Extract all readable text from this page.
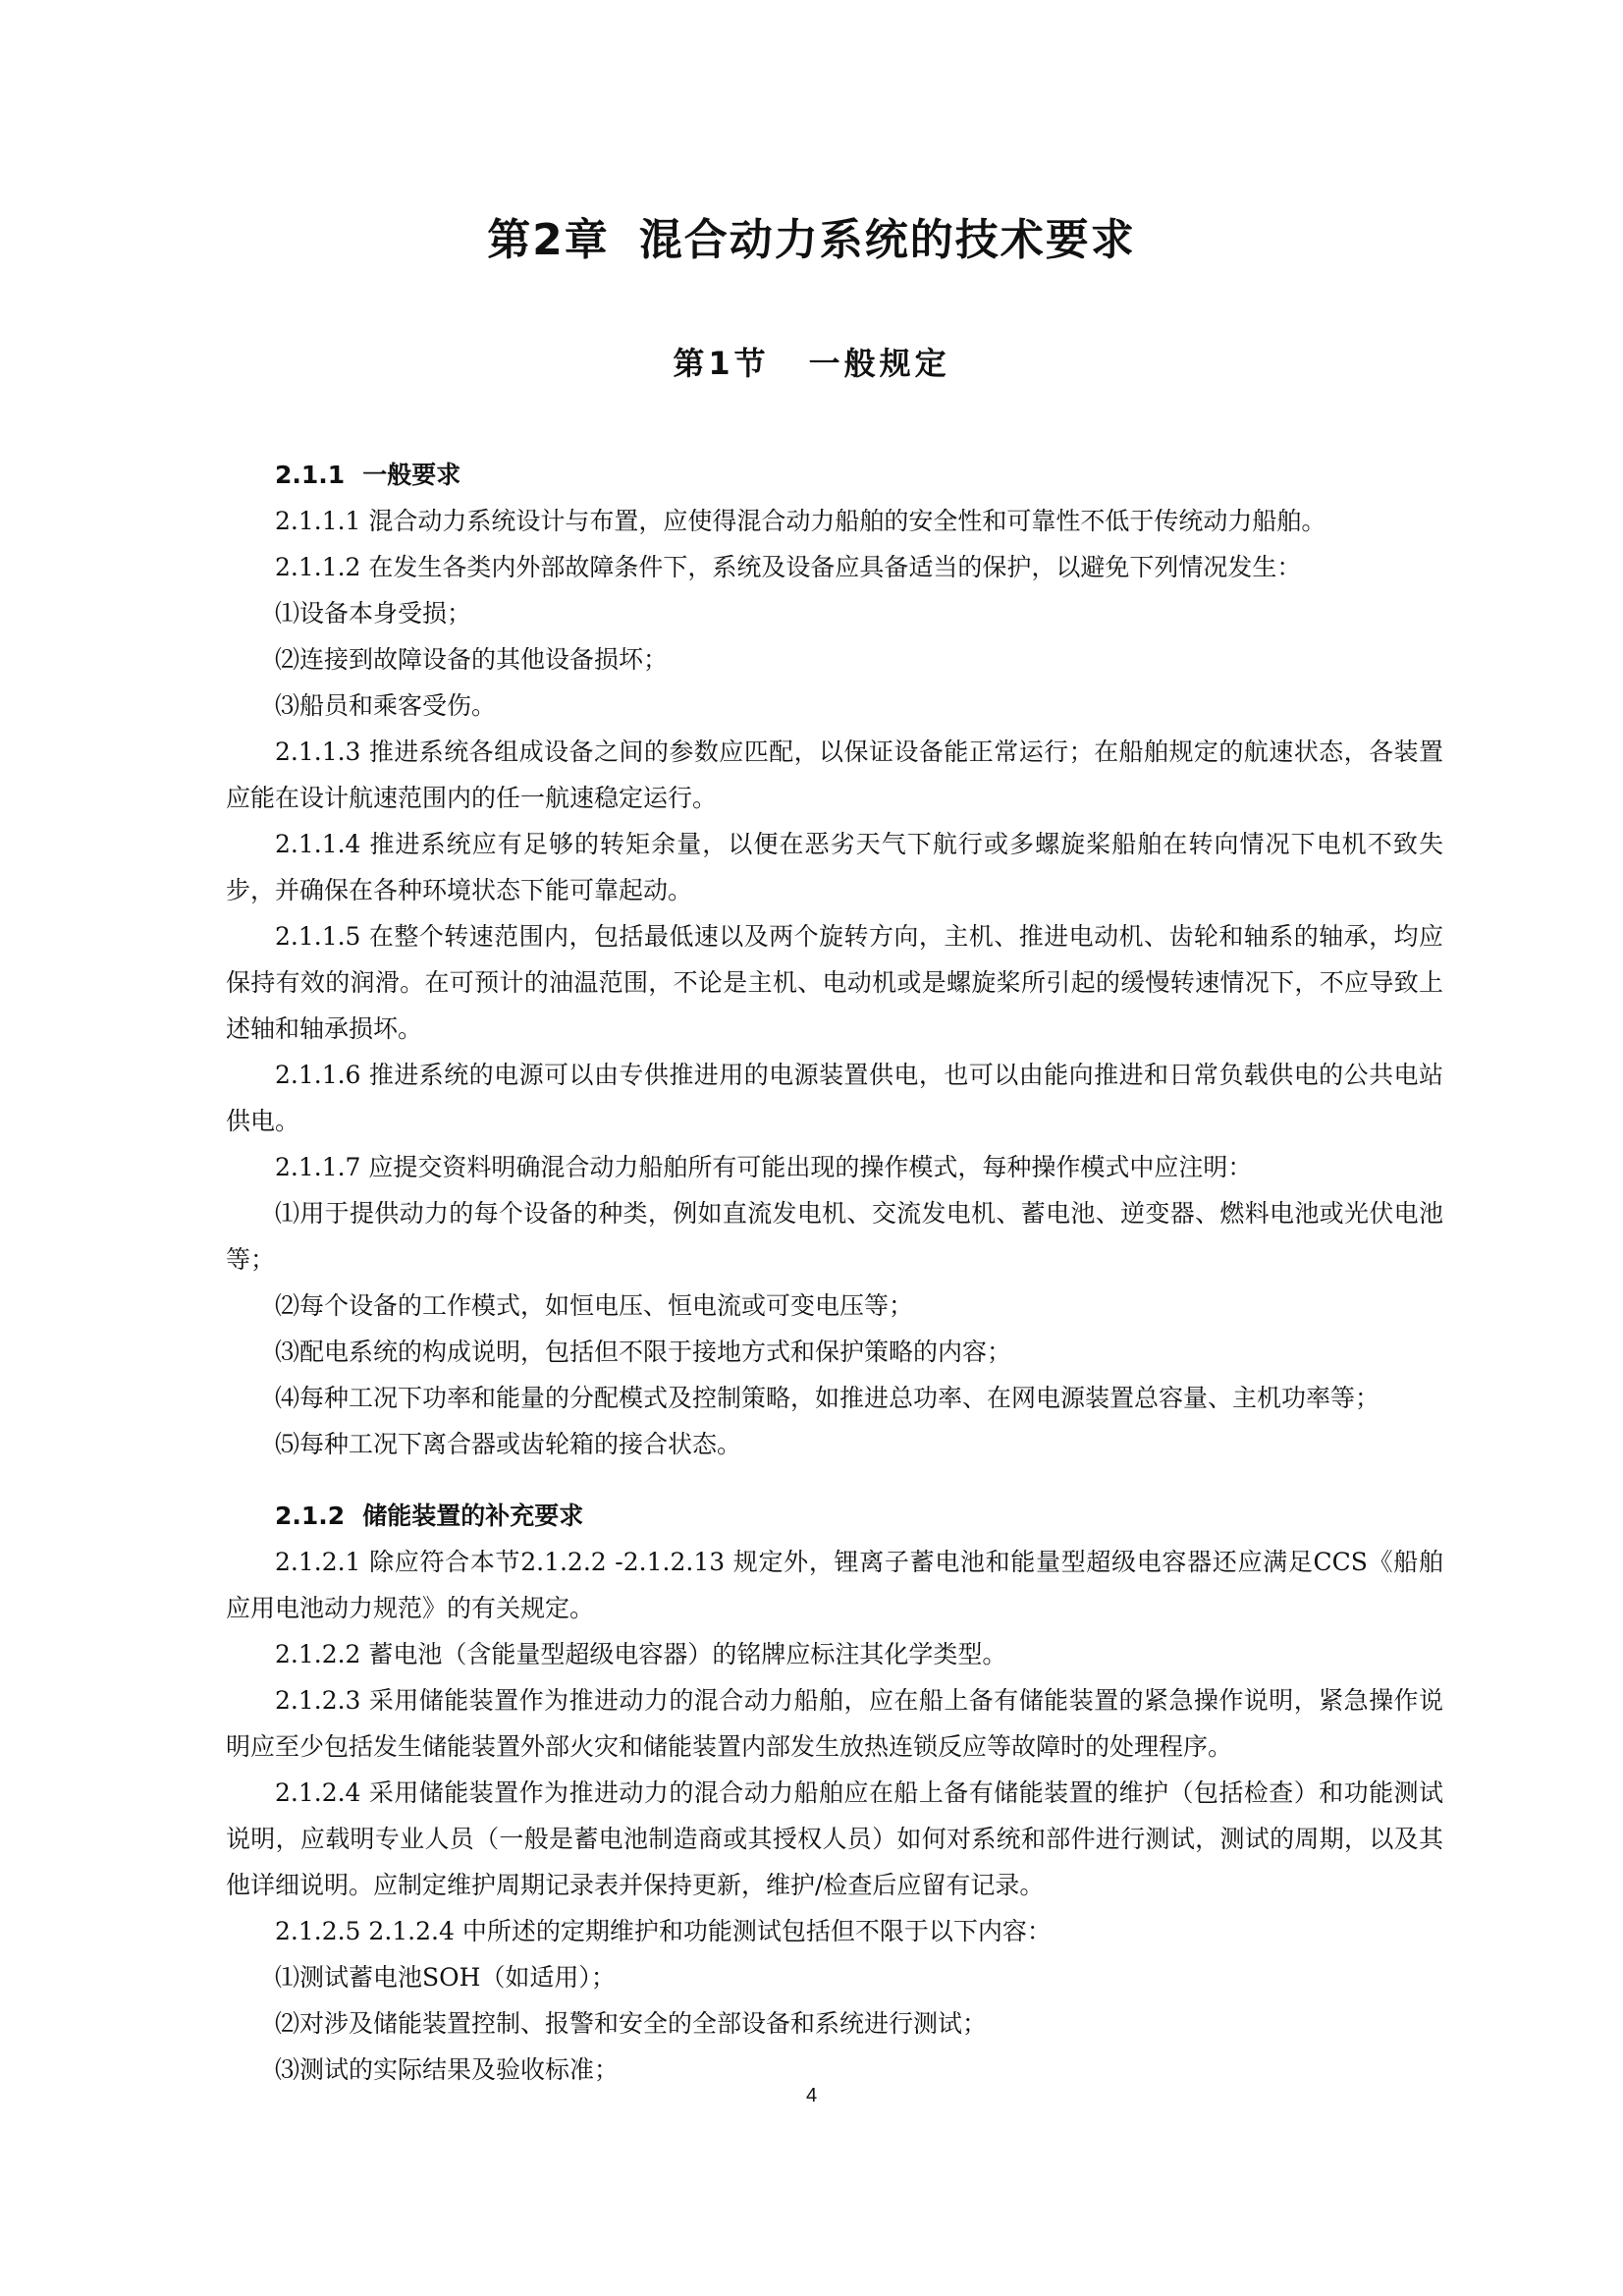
第2章 混合动力系统的技术要求
第1节 一般规定
2.1.1 一般要求
2.1.1.1 混合动力系统设计与布置，应使得混合动力船舶的安全性和可靠性不低于传统动力船舶。
2.1.1.2 在发生各类内外部故障条件下，系统及设备应具备适当的保护，以避免下列情况发生：
⑴设备本身受损；
⑵连接到故障设备的其他设备损坏；
⑶船员和乘客受伤。
2.1.1.3 推进系统各组成设备之间的参数应匹配，以保证设备能正常运行；在船舶规定的航速状态，各装置应能在设计航速范围内的任一航速稳定运行。
2.1.1.4 推进系统应有足够的转矩余量，以便在恶劣天气下航行或多螺旋桨船舶在转向情况下电机不致失步，并确保在各种环境状态下能可靠起动。
2.1.1.5 在整个转速范围内，包括最低速以及两个旋转方向，主机、推进电动机、齿轮和轴系的轴承，均应保持有效的润滑。在可预计的油温范围，不论是主机、电动机或是螺旋桨所引起的缓慢转速情况下，不应导致上述轴和轴承损坏。
2.1.1.6 推进系统的电源可以由专供推进用的电源装置供电，也可以由能向推进和日常负载供电的公共电站供电。
2.1.1.7 应提交资料明确混合动力船舶所有可能出现的操作模式，每种操作模式中应注明：
⑴用于提供动力的每个设备的种类，例如直流发电机、交流发电机、蓄电池、逆变器、燃料电池或光伏电池等；
⑵每个设备的工作模式，如恒电压、恒电流或可变电压等；
⑶配电系统的构成说明，包括但不限于接地方式和保护策略的内容；
⑷每种工况下功率和能量的分配模式及控制策略，如推进总功率、在网电源装置总容量、主机功率等；
⑸每种工况下离合器或齿轮箱的接合状态。
2.1.2 储能装置的补充要求
2.1.2.1 除应符合本节2.1.2.2 -2.1.2.13 规定外，锂离子蓄电池和能量型超级电容器还应满足CCS《船舶应用电池动力规范》的有关规定。
2.1.2.2 蓄电池（含能量型超级电容器）的铭牌应标注其化学类型。
2.1.2.3 采用储能装置作为推进动力的混合动力船舶，应在船上备有储能装置的紧急操作说明，紧急操作说明应至少包括发生储能装置外部火灾和储能装置内部发生放热连锁反应等故障时的处理程序。
2.1.2.4 采用储能装置作为推进动力的混合动力船舶应在船上备有储能装置的维护（包括检查）和功能测试说明，应载明专业人员（一般是蓄电池制造商或其授权人员）如何对系统和部件进行测试，测试的周期，以及其他详细说明。应制定维护周期记录表并保持更新，维护/检查后应留有记录。
2.1.2.5 2.1.2.4 中所述的定期维护和功能测试包括但不限于以下内容：
⑴测试蓄电池SOH（如适用）；
⑵对涉及储能装置控制、报警和安全的全部设备和系统进行测试；
⑶测试的实际结果及验收标准；
4
